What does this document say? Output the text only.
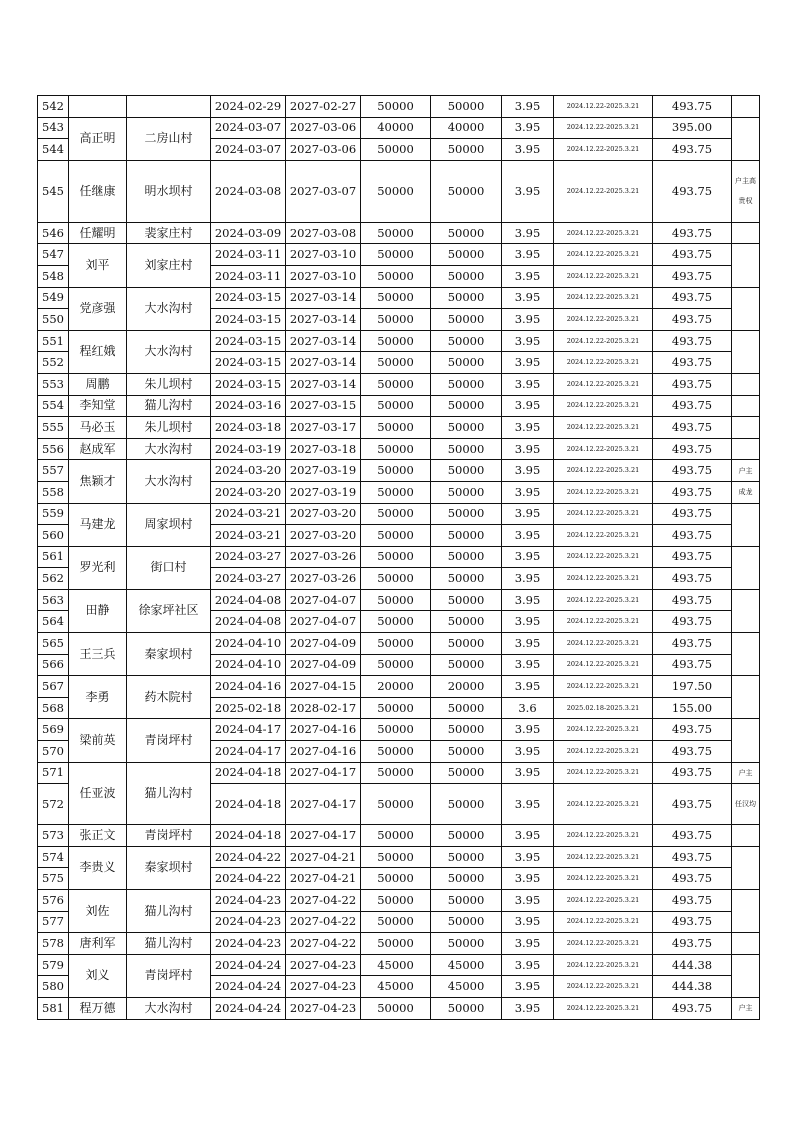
542			2024-02-29	2027-02-27	50000	50000	3.95	2024.12.22-2025.3.21	493.75	
543	高正明	二房山村	2024-03-07	2027-03-06	40000	40000	3.95	2024.12.22-2025.3.21	395.00	
544			2024-03-07	2027-03-06	50000	50000	3.95	2024.12.22-2025.3.21	493.75	
545	任继康	明水坝村	2024-03-08	2027-03-07	50000	50000	3.95	2024.12.22-2025.3.21	493.75	户主高贵权
546	任耀明	裴家庄村	2024-03-09	2027-03-08	50000	50000	3.95	2024.12.22-2025.3.21	493.75	
547	刘平	刘家庄村	2024-03-11	2027-03-10	50000	50000	3.95	2024.12.22-2025.3.21	493.75	
548			2024-03-11	2027-03-10	50000	50000	3.95	2024.12.22-2025.3.21	493.75	
549	党彦强	大水沟村	2024-03-15	2027-03-14	50000	50000	3.95	2024.12.22-2025.3.21	493.75	
550			2024-03-15	2027-03-14	50000	50000	3.95	2024.12.22-2025.3.21	493.75	
551	程红娥	大水沟村	2024-03-15	2027-03-14	50000	50000	3.95	2024.12.22-2025.3.21	493.75	
552			2024-03-15	2027-03-14	50000	50000	3.95	2024.12.22-2025.3.21	493.75	
553	周鹏	朱儿坝村	2024-03-15	2027-03-14	50000	50000	3.95	2024.12.22-2025.3.21	493.75	
554	李知堂	猫儿沟村	2024-03-16	2027-03-15	50000	50000	3.95	2024.12.22-2025.3.21	493.75	
555	马必玉	朱儿坝村	2024-03-18	2027-03-17	50000	50000	3.95	2024.12.22-2025.3.21	493.75	
556	赵成军	大水沟村	2024-03-19	2027-03-18	50000	50000	3.95	2024.12.22-2025.3.21	493.75	
557	焦颖才	大水沟村	2024-03-20	2027-03-19	50000	50000	3.95	2024.12.22-2025.3.21	493.75	户主
558			2024-03-20	2027-03-19	50000	50000	3.95	2024.12.22-2025.3.21	493.75	成龙
559	马建龙	周家坝村	2024-03-21	2027-03-20	50000	50000	3.95	2024.12.22-2025.3.21	493.75	
560			2024-03-21	2027-03-20	50000	50000	3.95	2024.12.22-2025.3.21	493.75	
561	罗光利	街口村	2024-03-27	2027-03-26	50000	50000	3.95	2024.12.22-2025.3.21	493.75	
562			2024-03-27	2027-03-26	50000	50000	3.95	2024.12.22-2025.3.21	493.75	
563	田静	徐家坪社区	2024-04-08	2027-04-07	50000	50000	3.95	2024.12.22-2025.3.21	493.75	
564			2024-04-08	2027-04-07	50000	50000	3.95	2024.12.22-2025.3.21	493.75	
565	王三兵	秦家坝村	2024-04-10	2027-04-09	50000	50000	3.95	2024.12.22-2025.3.21	493.75	
566			2024-04-10	2027-04-09	50000	50000	3.95	2024.12.22-2025.3.21	493.75	
567	李勇	药木院村	2024-04-16	2027-04-15	20000	20000	3.95	2024.12.22-2025.3.21	197.50	
568			2025-02-18	2028-02-17	50000	50000	3.6	2025.02.18-2025.3.21	155.00	
569	梁前英	青岗坪村	2024-04-17	2027-04-16	50000	50000	3.95	2024.12.22-2025.3.21	493.75	
570			2024-04-17	2027-04-16	50000	50000	3.95	2024.12.22-2025.3.21	493.75	
571	任亚波	猫儿沟村	2024-04-18	2027-04-17	50000	50000	3.95	2024.12.22-2025.3.21	493.75	户主
572			2024-04-18	2027-04-17	50000	50000	3.95	2024.12.22-2025.3.21	493.75	任汉均
573	张正文	青岗坪村	2024-04-18	2027-04-17	50000	50000	3.95	2024.12.22-2025.3.21	493.75	
574	李贵义	秦家坝村	2024-04-22	2027-04-21	50000	50000	3.95	2024.12.22-2025.3.21	493.75	
575			2024-04-22	2027-04-21	50000	50000	3.95	2024.12.22-2025.3.21	493.75	
576	刘佐	猫儿沟村	2024-04-23	2027-04-22	50000	50000	3.95	2024.12.22-2025.3.21	493.75	
577			2024-04-23	2027-04-22	50000	50000	3.95	2024.12.22-2025.3.21	493.75	
578	唐利军	猫儿沟村	2024-04-23	2027-04-22	50000	50000	3.95	2024.12.22-2025.3.21	493.75	
579	刘义	青岗坪村	2024-04-24	2027-04-23	45000	45000	3.95	2024.12.22-2025.3.21	444.38	
580			2024-04-24	2027-04-23	45000	45000	3.95	2024.12.22-2025.3.21	444.38	
581	程万德	大水沟村	2024-04-24	2027-04-23	50000	50000	3.95	2024.12.22-2025.3.21	493.75	户主
